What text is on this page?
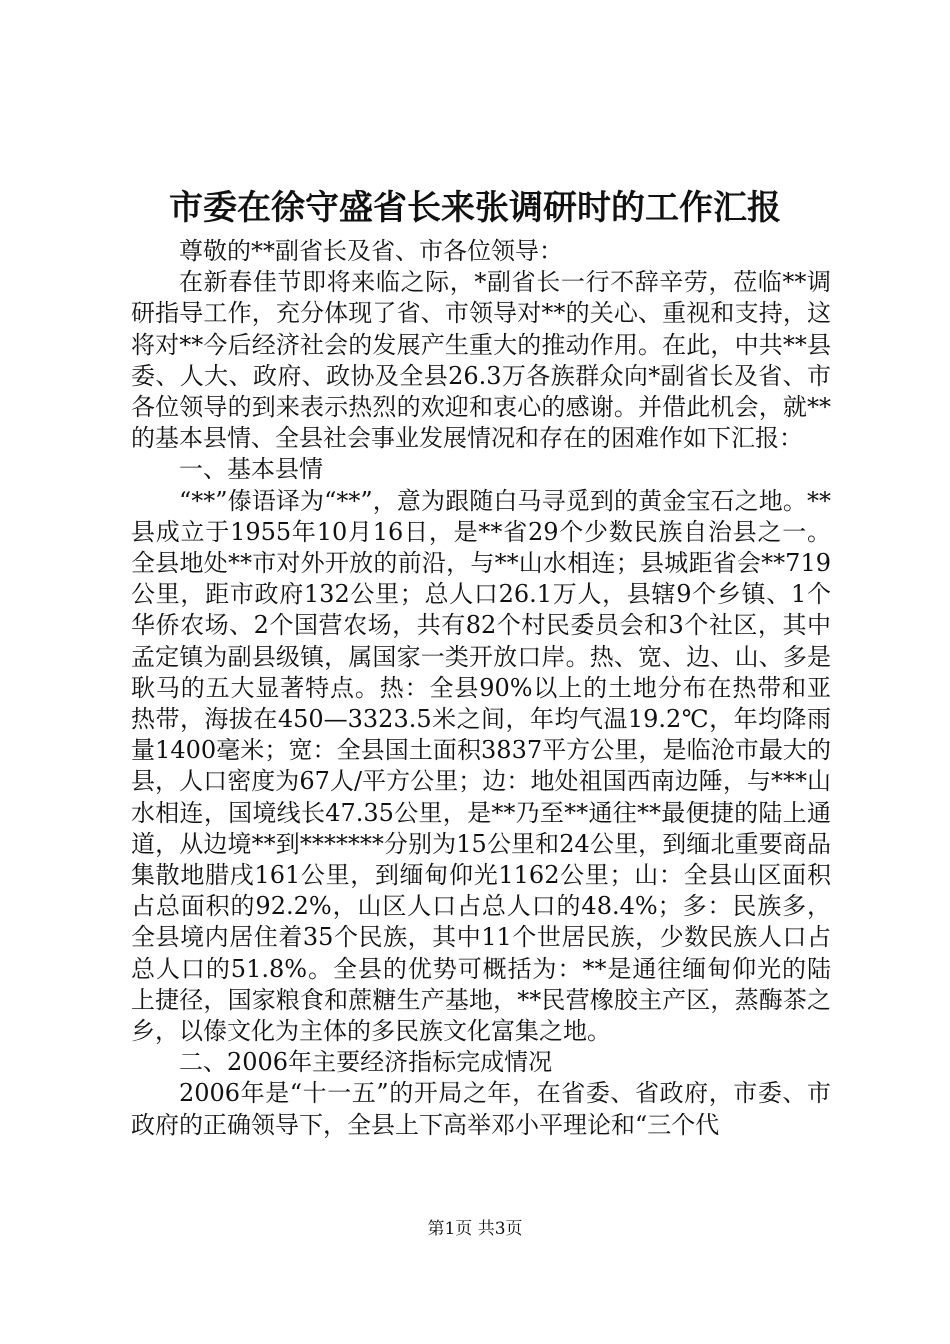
市委在徐守盛省长来张调研时的工作汇报

尊敬的**副省长及省、市各位领导：

在新春佳节即将来临之际，*副省长一行不辞辛劳，莅临**调研指导工作，充分体现了省、市领导对**的关心、重视和支持，这将对**今后经济社会的发展产生重大的推动作用。在此，中共**县委、人大、政府、政协及全县26.3万各族群众向*副省长及省、市各位领导的到来表示热烈的欢迎和衷心的感谢。并借此机会，就**的基本县情、全县社会事业发展情况和存在的困难作如下汇报：

一、基本县情

“**”傣语译为“**”，意为跟随白马寻觅到的黄金宝石之地。**县成立于1955年10月16日，是**省29个少数民族自治县之一。全县地处**市对外开放的前沿，与**山水相连；县城距省会**719公里，距市政府132公里；总人口26.1万人，县辖9个乡镇、1个华侨农场、2个国营农场，共有82个村民委员会和3个社区，其中孟定镇为副县级镇，属国家一类开放口岸。热、宽、边、山、多是耿马的五大显著特点。热：全县90%以上的土地分布在热带和亚热带，海拔在450—3323.5米之间，年均气温19.2℃，年均降雨量1400毫米；宽：全县国土面积3837平方公里，是临沧市最大的县，人口密度为67人/平方公里；边：地处祖国西南边陲，与***山水相连，国境线长47.35公里，是**乃至**通往**最便捷的陆上通道，从边境**到*******分别为15公里和24公里，到缅北重要商品集散地腊戌161公里，到缅甸仰光1162公里；山：全县山区面积占总面积的92.2%，山区人口占总人口的48.4%；多：民族多，全县境内居住着35个民族，其中11个世居民族，少数民族人口占总人口的51.8%。全县的优势可概括为：**是通往缅甸仰光的陆上捷径，国家粮食和蔗糖生产基地，**民营橡胶主产区，蒸酶茶之乡，以傣文化为主体的多民族文化富集之地。

二、2006年主要经济指标完成情况

2006年是“十一五”的开局之年，在省委、省政府，市委、市政府的正确领导下，全县上下高举邓小平理论和“三个代

第1页 共3页
